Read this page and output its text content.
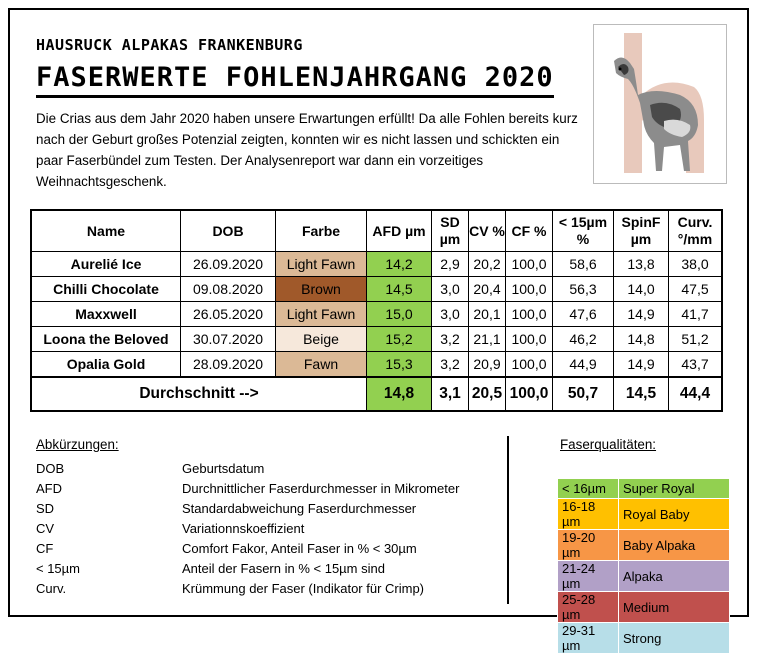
HAUSRUCK ALPAKAS FRANKENBURG
FASERWERTE FOHLENJAHRGANG 2020
Die Crias aus dem Jahr 2020 haben unsere Erwartungen erfüllt! Da alle Fohlen bereits kurz nach der Geburt großes Potenzial zeigten, konnten wir es nicht lassen und schickten ein paar Faserbündel zum Testen. Der Analysenreport war dann ein vorzeitiges Weihnachtsgeschenk.
Name	DOB	Farbe	AFD µm	SD µm	CV %	CF %	< 15µm %	SpinF µm	Curv. °/mm
Aurelié Ice	26.09.2020	Light Fawn	14,2	2,9	20,2	100,0	58,6	13,8	38,0
Chilli Chocolate	09.08.2020	Brown	14,5	3,0	20,4	100,0	56,3	14,0	47,5
Maxxwell	26.05.2020	Light Fawn	15,0	3,0	20,1	100,0	47,6	14,9	41,7
Loona the Beloved	30.07.2020	Beige	15,2	3,2	21,1	100,0	46,2	14,8	51,2
Opalia Gold	28.09.2020	Fawn	15,3	3,2	20,9	100,0	44,9	14,9	43,7
Durchschnitt -->			14,8	3,1	20,5	100,0	50,7	14,5	44,4
Abkürzungen:
DOB	Geburtsdatum
AFD	Durchnittlicher Faserdurchmesser in Mikrometer
SD	Standardabweichung Faserdurchmesser
CV	Variationnskoeffizient
CF	Comfort Fakor, Anteil Faser in % < 30µm
< 15µm	Anteil der Fasern in % < 15µm sind
Curv.	Krümmung der Faser (Indikator für Crimp)
Faserqualitäten:
< 16µm	Super Royal
16-18 µm	Royal Baby
19-20 µm	Baby Alpaka
21-24 µm	Alpaka
25-28 µm	Medium
29-31 µm	Strong
